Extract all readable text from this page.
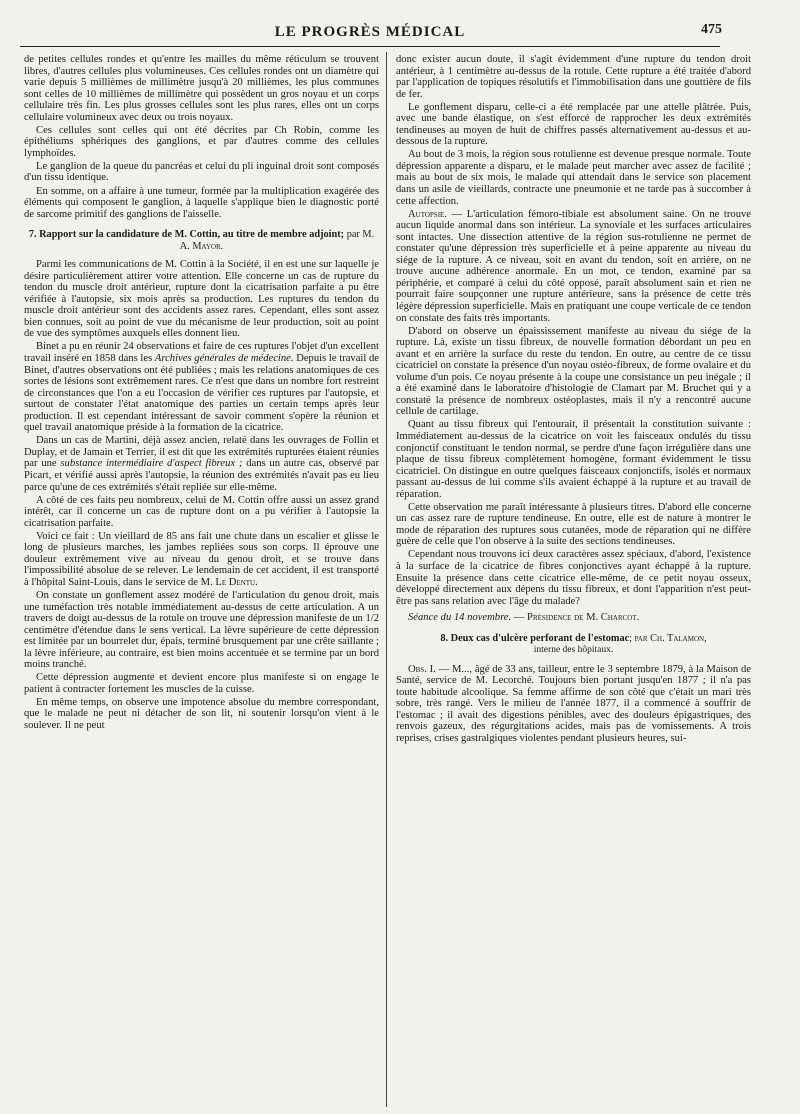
LE PROGRÈS MÉDICAL	475

de petites cellules rondes et qu'entre les mailles du même réticulum se trouvent libres, d'autres cellules plus volumineuses. Ces cellules rondes ont un diamètre qui varie depuis 5 millièmes de millimètre jusqu'à 20 millièmes, les plus communes sont celles de 10 millièmes de millimètre qui possèdent un gros noyau et un corps cellulaire très fin. Les plus grosses cellules sont les plus rares, elles ont un corps cellulaire volumineux avec deux ou trois noyaux.

Ces cellules sont celles qui ont été décrites par Ch Robin, comme les épithéliums sphériques des ganglions, et par d'autres comme des cellules lymphoïdes.

Le ganglion de la queue du pancréas et celui du pli inguinal droit sont composés d'un tissu identique.

En somme, on a affaire à une tumeur, formée par la multiplication exagérée des éléments qui composent le ganglion, à laquelle s'applique bien le diagnostic porté de sarcome primitif des ganglions de l'aisselle.

7. Rapport sur la candidature de M. Cottin, au titre de membre adjoint; par M. A. Mayor.

Parmi les communications de M. Cottin à la Société, il en est une sur laquelle je désire particulièrement attirer votre attention. Elle concerne un cas de rupture du tendon du muscle droit antérieur, rupture dont la cicatrisation parfaite a pu être vérifiée à l'autopsie, six mois après sa production. Les ruptures du tendon du muscle droit antérieur sont des accidents assez rares. Cependant, elles sont assez bien connues, soit au point de vue du mécanisme de leur production, soit au point de vue des symptômes auxquels elles donnent lieu.

Binet a pu en réunir 24 observations et faire de ces ruptures l'objet d'un excellent travail inséré en 1858 dans les Archives générales de médecine. Depuis le travail de Binet, d'autres observations ont été publiées ; mais les relations anatomiques de ces sortes de lésions sont extrêmement rares. Ce n'est que dans un nombre fort restreint de circonstances que l'on a eu l'occasion de vérifier ces ruptures par l'autopsie, et surtout de constater l'état anatomique des parties un certain temps après leur production. Il est cependant intéressant de savoir comment s'opère la réunion et quel travail anatomique préside à la formation de la cicatrice.

Dans un cas de Martini, déjà assez ancien, relaté dans les ouvrages de Follin et Duplay, et de Jamain et Terrier, il est dit que les extrémités rupturées étaient réunies par une substance intermédiaire d'aspect fibreux ; dans un autre cas, observé par Picart, et vérifié aussi après l'autopsie, la réunion des extrémités n'avait pas eu lieu parce qu'une de ces extrémités s'était repliée sur elle-même.

A côté de ces faits peu nombreux, celui de M. Cottin offre aussi un assez grand intérêt, car il concerne un cas de rupture dont on a pu vérifier à l'autopsie la cicatrisation parfaite.

Voici ce fait : Un vieillard de 85 ans fait une chute dans un escalier et glisse le long de plusieurs marches, les jambes repliées sous son corps. Il éprouve une douleur extrêmement vive au niveau du genou droit, et se trouve dans l'impossibilité absolue de se relever. Le lendemain de cet accident, il est transporté à l'hôpital Saint-Louis, dans le service de M. Le Dentu.

On constate un gonflement assez modéré de l'articulation du genou droit, mais une tuméfaction très notable immédiatement au-dessus de cette articulation. A un travers de doigt au-dessus de la rotule on trouve une dépression manifeste de un 1/2 centimètre d'étendue dans le sens vertical. La lèvre supérieure de cette dépression est limitée par un bourrelet dur, épais, terminé brusquement par une crête saillante ; la lèvre inférieure, au contraire, est bien moins accentuée et se termine par un bord moins tranché.

Cette dépression augmente et devient encore plus manifeste si on engage le patient à contracter fortement les muscles de la cuisse.

En même temps, on observe une impotence absolue du membre correspondant, que le malade ne peut ni détacher de son lit, ni soutenir lorsqu'on vient à le soulever. Il ne peut

donc exister aucun doute, il s'agit évidemment d'une rupture du tendon droit antérieur, à 1 centimètre au-dessus de la rotule. Cette rupture a été traitée d'abord par l'application de topiques résolutifs et l'immobilisation dans une gouttière de fils de fer.

Le gonflement disparu, celle-ci a été remplacée par une attelle plâtrée. Puis, avec une bande élastique, on s'est efforcé de rapprocher les deux extrémités tendineuses au moyen de huit de chiffres passés alternativement au-dessus et au-dessous de la rupture.

Au bout de 3 mois, la région sous rotulienne est devenue presque normale. Toute dépression apparente a disparu, et le malade peut marcher avec assez de facilité ; mais au bout de six mois, le malade qui attendait dans le service son placement dans un asile de vieillards, contracte une pneumonie et ne tarde pas à succomber à cette affection.

Autopsie. — L'articulation fémoro-tibiale est absolument saine. On ne trouve aucun liquide anormal dans son intérieur. La synoviale et les surfaces articulaires sont intactes. Une dissection attentive de la région sus-rotulienne ne permet de constater qu'une dépression très superficielle et à peine apparente au niveau du siége de la rupture. A ce niveau, soit en avant du tendon, soit en arrière, on ne trouve aucune adhérence anormale. En un mot, ce tendon, examiné par sa périphérie, et comparé à celui du côté opposé, paraît absolument sain et rien ne pourrait faire soupçonner une rupture antérieure, sans la présence de cette très légère dépression superficielle. Mais en pratiquant une coupe verticale de ce tendon on constate des faits très importants.

D'abord on observe un épaississement manifeste au niveau du siége de la rupture. Là, existe un tissu fibreux, de nouvelle formation débordant un peu en avant et en arrière la surface du reste du tendon. En outre, au centre de ce tissu cicatriciel on constate la présence d'un noyau ostéo-fibreux, de forme ovalaire et du volume d'un pois. Ce noyau présente à la coupe une consistance un peu inégale ; il a été examiné dans le laboratoire d'histologie de Clamart par M. Bruchet qui y a constaté la présence de nombreux ostéoplastes, mais il n'y a rencontré aucune cellule de cartilage.

Quant au tissu fibreux qui l'entourait, il présentait la constitution suivante : Immédiatement au-dessus de la cicatrice on voit les faisceaux ondulés du tissu conjonctif constituant le tendon normal, se perdre d'une façon irrégulière dans une plaque de tissu fibreux complètement homogène, formant évidemment le tissu cicatriciel. On distingue en outre quelques faisceaux conjonctifs, isolés et normaux passant au-dessus de lui comme s'ils avaient échappé à la rupture et au travail de réparation.

Cette observation me paraît intéressante à plusieurs titres. D'abord elle concerne un cas assez rare de rupture tendineuse. En outre, elle est de nature à montrer le mode de réparation des ruptures sous cutanées, mode de réparation qui ne diffère guère de celle que l'on observe à la suite des sections tendineuses.

Cependant nous trouvons ici deux caractères assez spéciaux, d'abord, l'existence à la surface de la cicatrice de fibres conjonctives ayant échappé à la rupture. Ensuite la présence dans cette cicatrice elle-même, de ce petit noyau osseux, développé directement aux dépens du tissu fibreux, et dont l'apparition n'est peut-être pas sans relation avec l'âge du malade?

Séance du 14 novembre. — Présidence de M. Charcot.
8. Deux cas d'ulcère perforant de l'estomac; par Ch. Talamon,
interne des hôpitaux.

Obs. I. — M..., âgé de 33 ans, tailleur, entre le 3 septembre 1879, à la Maison de Santé, service de M. Lecorché. Toujours bien portant jusqu'en 1877 ; il n'a pas toute habitude alcoolique. Sa femme affirme de son côté que c'était un mari très sobre, très rangé. Vers le milieu de l'année 1877, il a commencé à souffrir de l'estomac ; il avait des digestions pénibles, avec des douleurs épigastriques, des renvois gazeux, des régurgitations acides, mais pas de vomissements. A trois reprises, crises gastralgiques violentes pendant plusieurs heures, sui-
